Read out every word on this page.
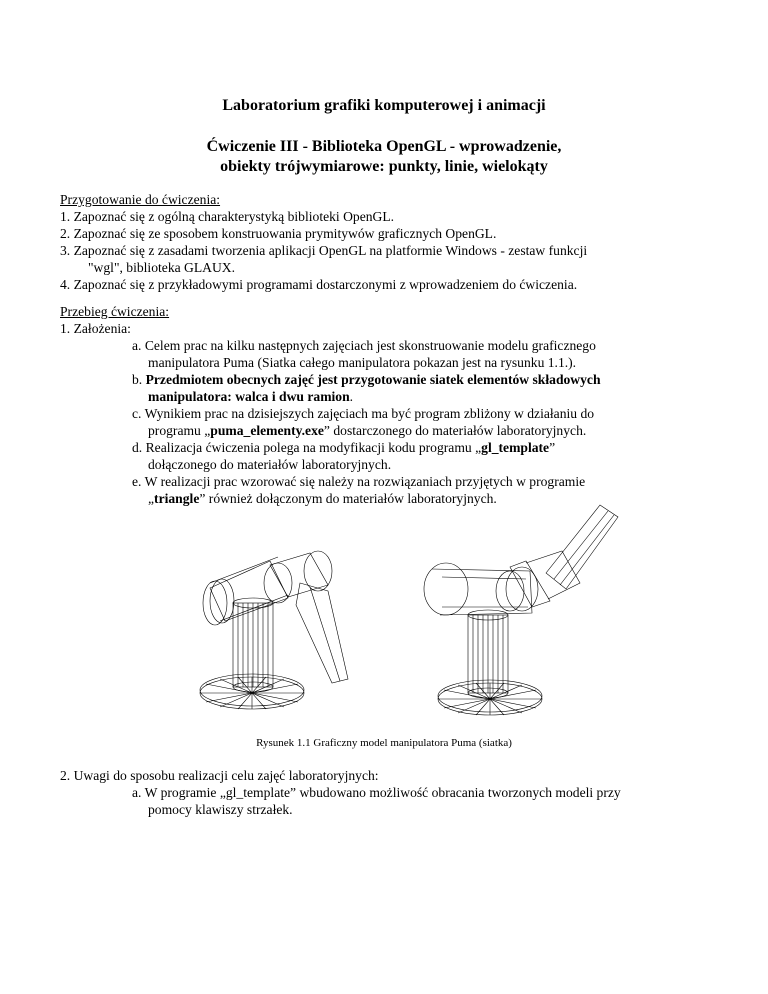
Laboratorium grafiki komputerowej i animacji
Ćwiczenie III - Biblioteka OpenGL - wprowadzenie,
obiekty trójwymiarowe: punkty, linie, wielokąty
Przygotowanie do ćwiczenia:
1. Zapoznać się z ogólną charakterystyką biblioteki OpenGL.
2. Zapoznać się ze sposobem konstruowania prymitywów graficznych OpenGL.
3. Zapoznać się z zasadami tworzenia aplikacji OpenGL na platformie Windows - zestaw funkcji
"wgl", biblioteka GLAUX.
4. Zapoznać się z przykładowymi programami dostarczonymi z wprowadzeniem do ćwiczenia.
Przebieg ćwiczenia:
1. Założenia:
a. Celem prac na kilku następnych zajęciach jest skonstruowanie modelu graficznego
manipulatora Puma (Siatka całego manipulatora pokazan jest na rysunku 1.1.).
b. Przedmiotem obecnych zajęć jest przygotowanie siatek elementów składowych
manipulatora: walca i dwu ramion.
c. Wynikiem prac na dzisiejszych zajęciach ma być program zbliżony w działaniu do
programu „puma_elementy.exe” dostarczonego do materiałów laboratoryjnych.
d. Realizacja ćwiczenia polega na modyfikacji kodu programu „gl_template”
dołączonego do materiałów laboratoryjnych.
e. W realizacji prac wzorować się należy na rozwiązaniach przyjętych w programie
„triangle” również dołączonym do materiałów laboratoryjnych.
Rysunek 1.1 Graficzny model manipulatora Puma (siatka)
2. Uwagi do sposobu realizacji celu zajęć laboratoryjnych:
a. W programie „gl_template” wbudowano możliwość obracania tworzonych modeli przy
pomocy klawiszy strzałek.
